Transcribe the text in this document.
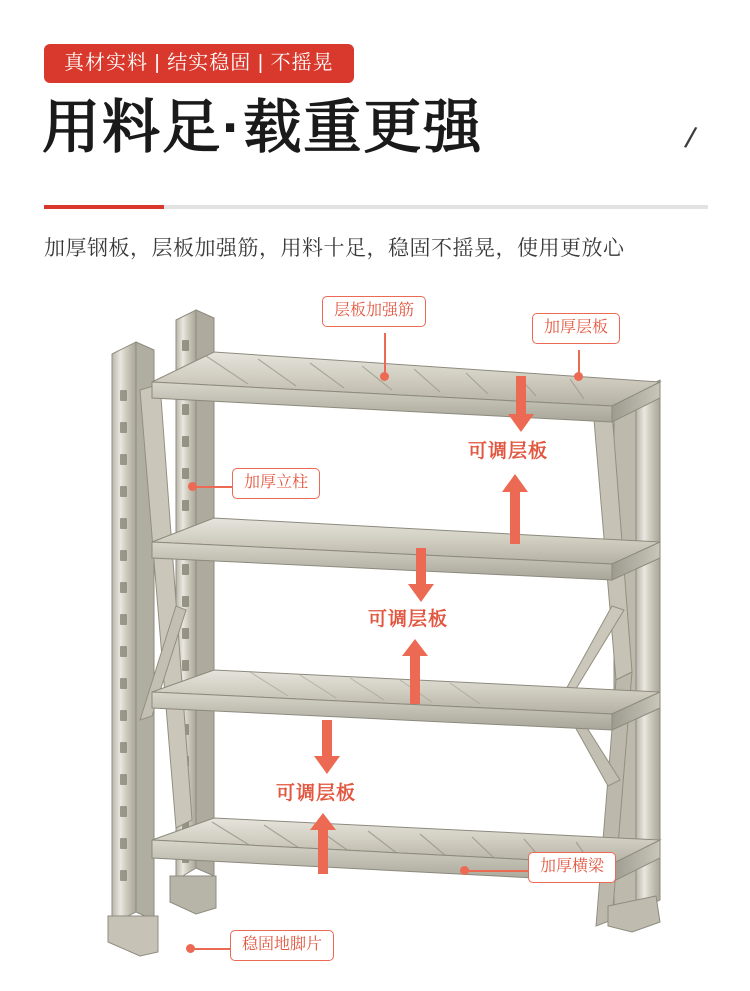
真材实料 | 结实稳固 | 不摇晃
用料足·载重更强	/
加厚钢板，层板加强筋，用料十足，稳固不摇晃，使用更放心
层板加强筋
加厚层板
可调层板
加厚立柱
可调层板
可调层板
加厚横梁
稳固地脚片
